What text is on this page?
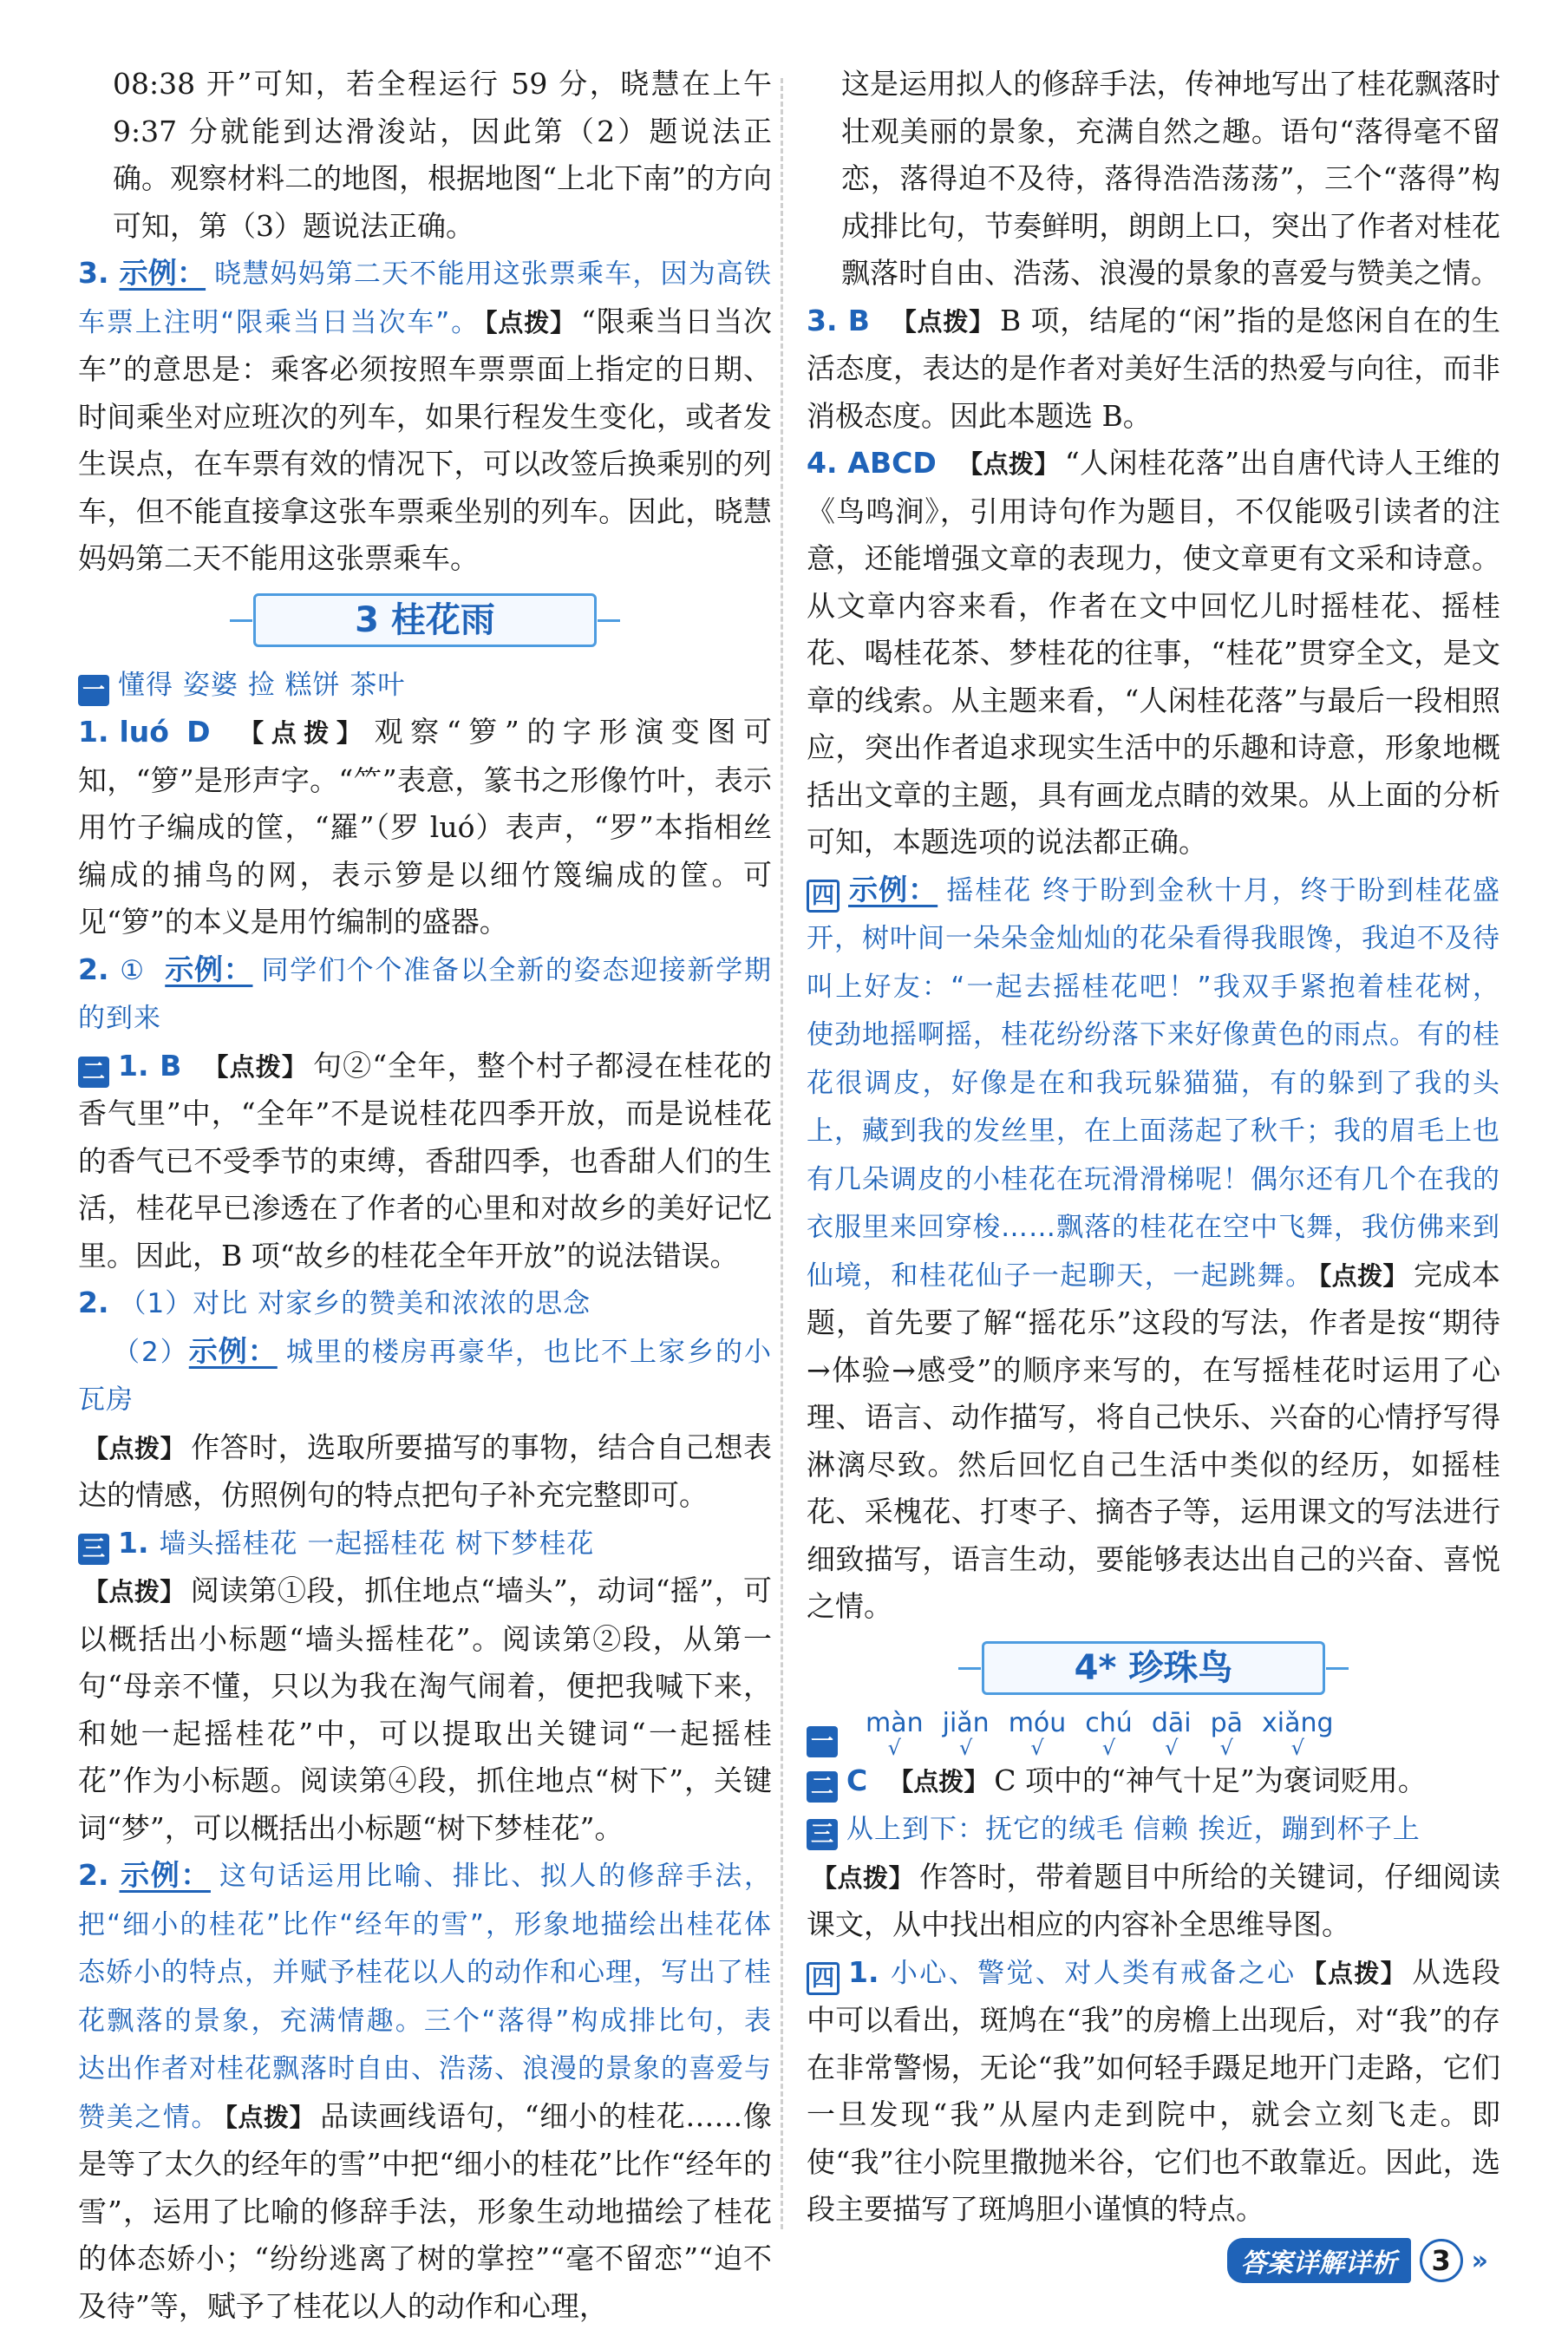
08:38 开”可知，若全程运行 59 分，晓慧在上午 9:37 分就能到达滑浚站，因此第（2）题说法正确。观察材料二的地图，根据地图“上北下南”的方向可知，第（3）题说法正确。

3. 示例： 晓慧妈妈第二天不能用这张票乘车，因为高铁车票上注明“限乘当日当次车”。 【点拨】 “限乘当日当次车”的意思是：乘客必须按照车票票面上指定的日期、时间乘坐对应班次的列车，如果行程发生变化，或者发生误点，在车票有效的情况下，可以改签后换乘别的列车，但不能直接拿这张车票乘坐别的列车。因此，晓慧妈妈第二天不能用这张票乘车。

3 桂花雨

一 懂得 姿婆 捡 糕饼 茶叶

1. luó D 【点拨】 观察“箩”的字形演变图可知，“箩”是形声字。“⺮”表意，篆书之形像竹叶，表示用竹子编成的筐，“羅”（罗 luó）表声，“罗”本指相丝编成的捕鸟的网，表示箩是以细竹篾编成的筐。可见“箩”的本义是用竹编制的盛器。

2. ① 示例： 同学们个个准备以全新的姿态迎接新学期的到来

二 1. B 【点拨】 句②“全年，整个村子都浸在桂花的香气里”中，“全年”不是说桂花四季开放，而是说桂花的香气已不受季节的束缚，香甜四季，也香甜人们的生活，桂花早已渗透在了作者的心里和对故乡的美好记忆里。因此，B 项“故乡的桂花全年开放”的说法错误。

2. （1）对比 对家乡的赞美和浓浓的思念
（2）示例： 城里的楼房再豪华，也比不上家乡的小瓦房
【点拨】 作答时，选取所要描写的事物，结合自己想表达的情感，仿照例句的特点把句子补充完整即可。

三 1. 墙头摇桂花 一起摇桂花 树下梦桂花
【点拨】 阅读第①段，抓住地点“墙头”，动词“摇”，可以概括出小标题“墙头摇桂花”。阅读第②段，从第一句“母亲不懂，只以为我在淘气闹着，便把我喊下来，和她一起摇桂花”中，可以提取出关键词“一起摇桂花”作为小标题。阅读第④段，抓住地点“树下”，关键词“梦”，可以概括出小标题“树下梦桂花”。

2. 示例： 这句话运用比喻、排比、拟人的修辞手法，把“细小的桂花”比作“经年的雪”，形象地描绘出桂花体态娇小的特点，并赋予桂花以人的动作和心理，写出了桂花飘落的景象，充满情趣。三个“落得”构成排比句，表达出作者对桂花飘落时自由、浩荡、浪漫的景象的喜爱与赞美之情。 【点拨】 品读画线语句，“细小的桂花……像是等了太久的经年的雪”中把“细小的桂花”比作“经年的雪”，运用了比喻的修辞手法，形象生动地描绘了桂花的体态娇小；“纷纷逃离了树的掌控”“毫不留恋”“迫不及待”等，赋予了桂花以人的动作和心理，

这是运用拟人的修辞手法，传神地写出了桂花飘落时壮观美丽的景象，充满自然之趣。语句“落得毫不留恋，落得迫不及待，落得浩浩荡荡”，三个“落得”构成排比句，节奏鲜明，朗朗上口，突出了作者对桂花飘落时自由、浩荡、浪漫的景象的喜爱与赞美之情。

3. B 【点拨】 B 项，结尾的“闲”指的是悠闲自在的生活态度，表达的是作者对美好生活的热爱与向往，而非消极态度。因此本题选 B。

4. ABCD 【点拨】 “人闲桂花落”出自唐代诗人王维的《鸟鸣涧》，引用诗句作为题目，不仅能吸引读者的注意，还能增强文章的表现力，使文章更有文采和诗意。从文章内容来看，作者在文中回忆儿时摇桂花、摇桂花、喝桂花茶、梦桂花的往事，“桂花”贯穿全文，是文章的线索。从主题来看，“人闲桂花落”与最后一段相照应，突出作者追求现实生活中的乐趣和诗意，形象地概括出文章的主题，具有画龙点睛的效果。从上面的分析可知，本题选项的说法都正确。

四 示例： 摇桂花 终于盼到金秋十月，终于盼到桂花盛开，树叶间一朵朵金灿灿的花朵看得我眼馋，我迫不及待叫上好友：“一起去摇桂花吧！”我双手紧抱着桂花树，使劲地摇啊摇，桂花纷纷落下来好像黄色的雨点。有的桂花很调皮，好像是在和我玩躲猫猫，有的躲到了我的头上，藏到我的发丝里，在上面荡起了秋千；我的眉毛上也有几朵调皮的小桂花在玩滑滑梯呢！偶尔还有几个在我的衣服里来回穿梭……飘落的桂花在空中飞舞，我仿佛来到仙境，和桂花仙子一起聊天，一起跳舞。 【点拨】 完成本题，首先要了解“摇花乐”这段的写法，作者是按“期待→体验→感受”的顺序来写的，在写摇桂花时运用了心理、语言、动作描写，将自己快乐、兴奋的心情抒写得淋漓尽致。然后回忆自己生活中类似的经历，如摇桂花、采槐花、打枣子、摘杏子等，运用课文的写法进行细致描写，语言生动，要能够表达出自己的兴奋、喜悦之情。

4* 珍珠鸟
一
màn
√
jiǎn
√
móu
√
chú
√
dāi
√
pā
√
xiǎng
√

二 C 【点拨】 C 项中的“神气十足”为褒词贬用。

三 从上到下：抚它的绒毛 信赖 挨近，蹦到杯子上
【点拨】 作答时，带着题目中所给的关键词，仔细阅读课文，从中找出相应的内容补全思维导图。

四 1. 小心、警觉、对人类有戒备之心 【点拨】 从选段中可以看出，斑鸠在“我”的房檐上出现后，对“我”的存在非常警惕，无论“我”如何轻手蹑足地开门走路，它们一旦发现“我”从屋内走到院中，就会立刻飞走。即使“我”往小院里撒抛米谷，它们也不敢靠近。因此，选段主要描写了斑鸠胆小谨慎的特点。

答案详解详析	3 »
